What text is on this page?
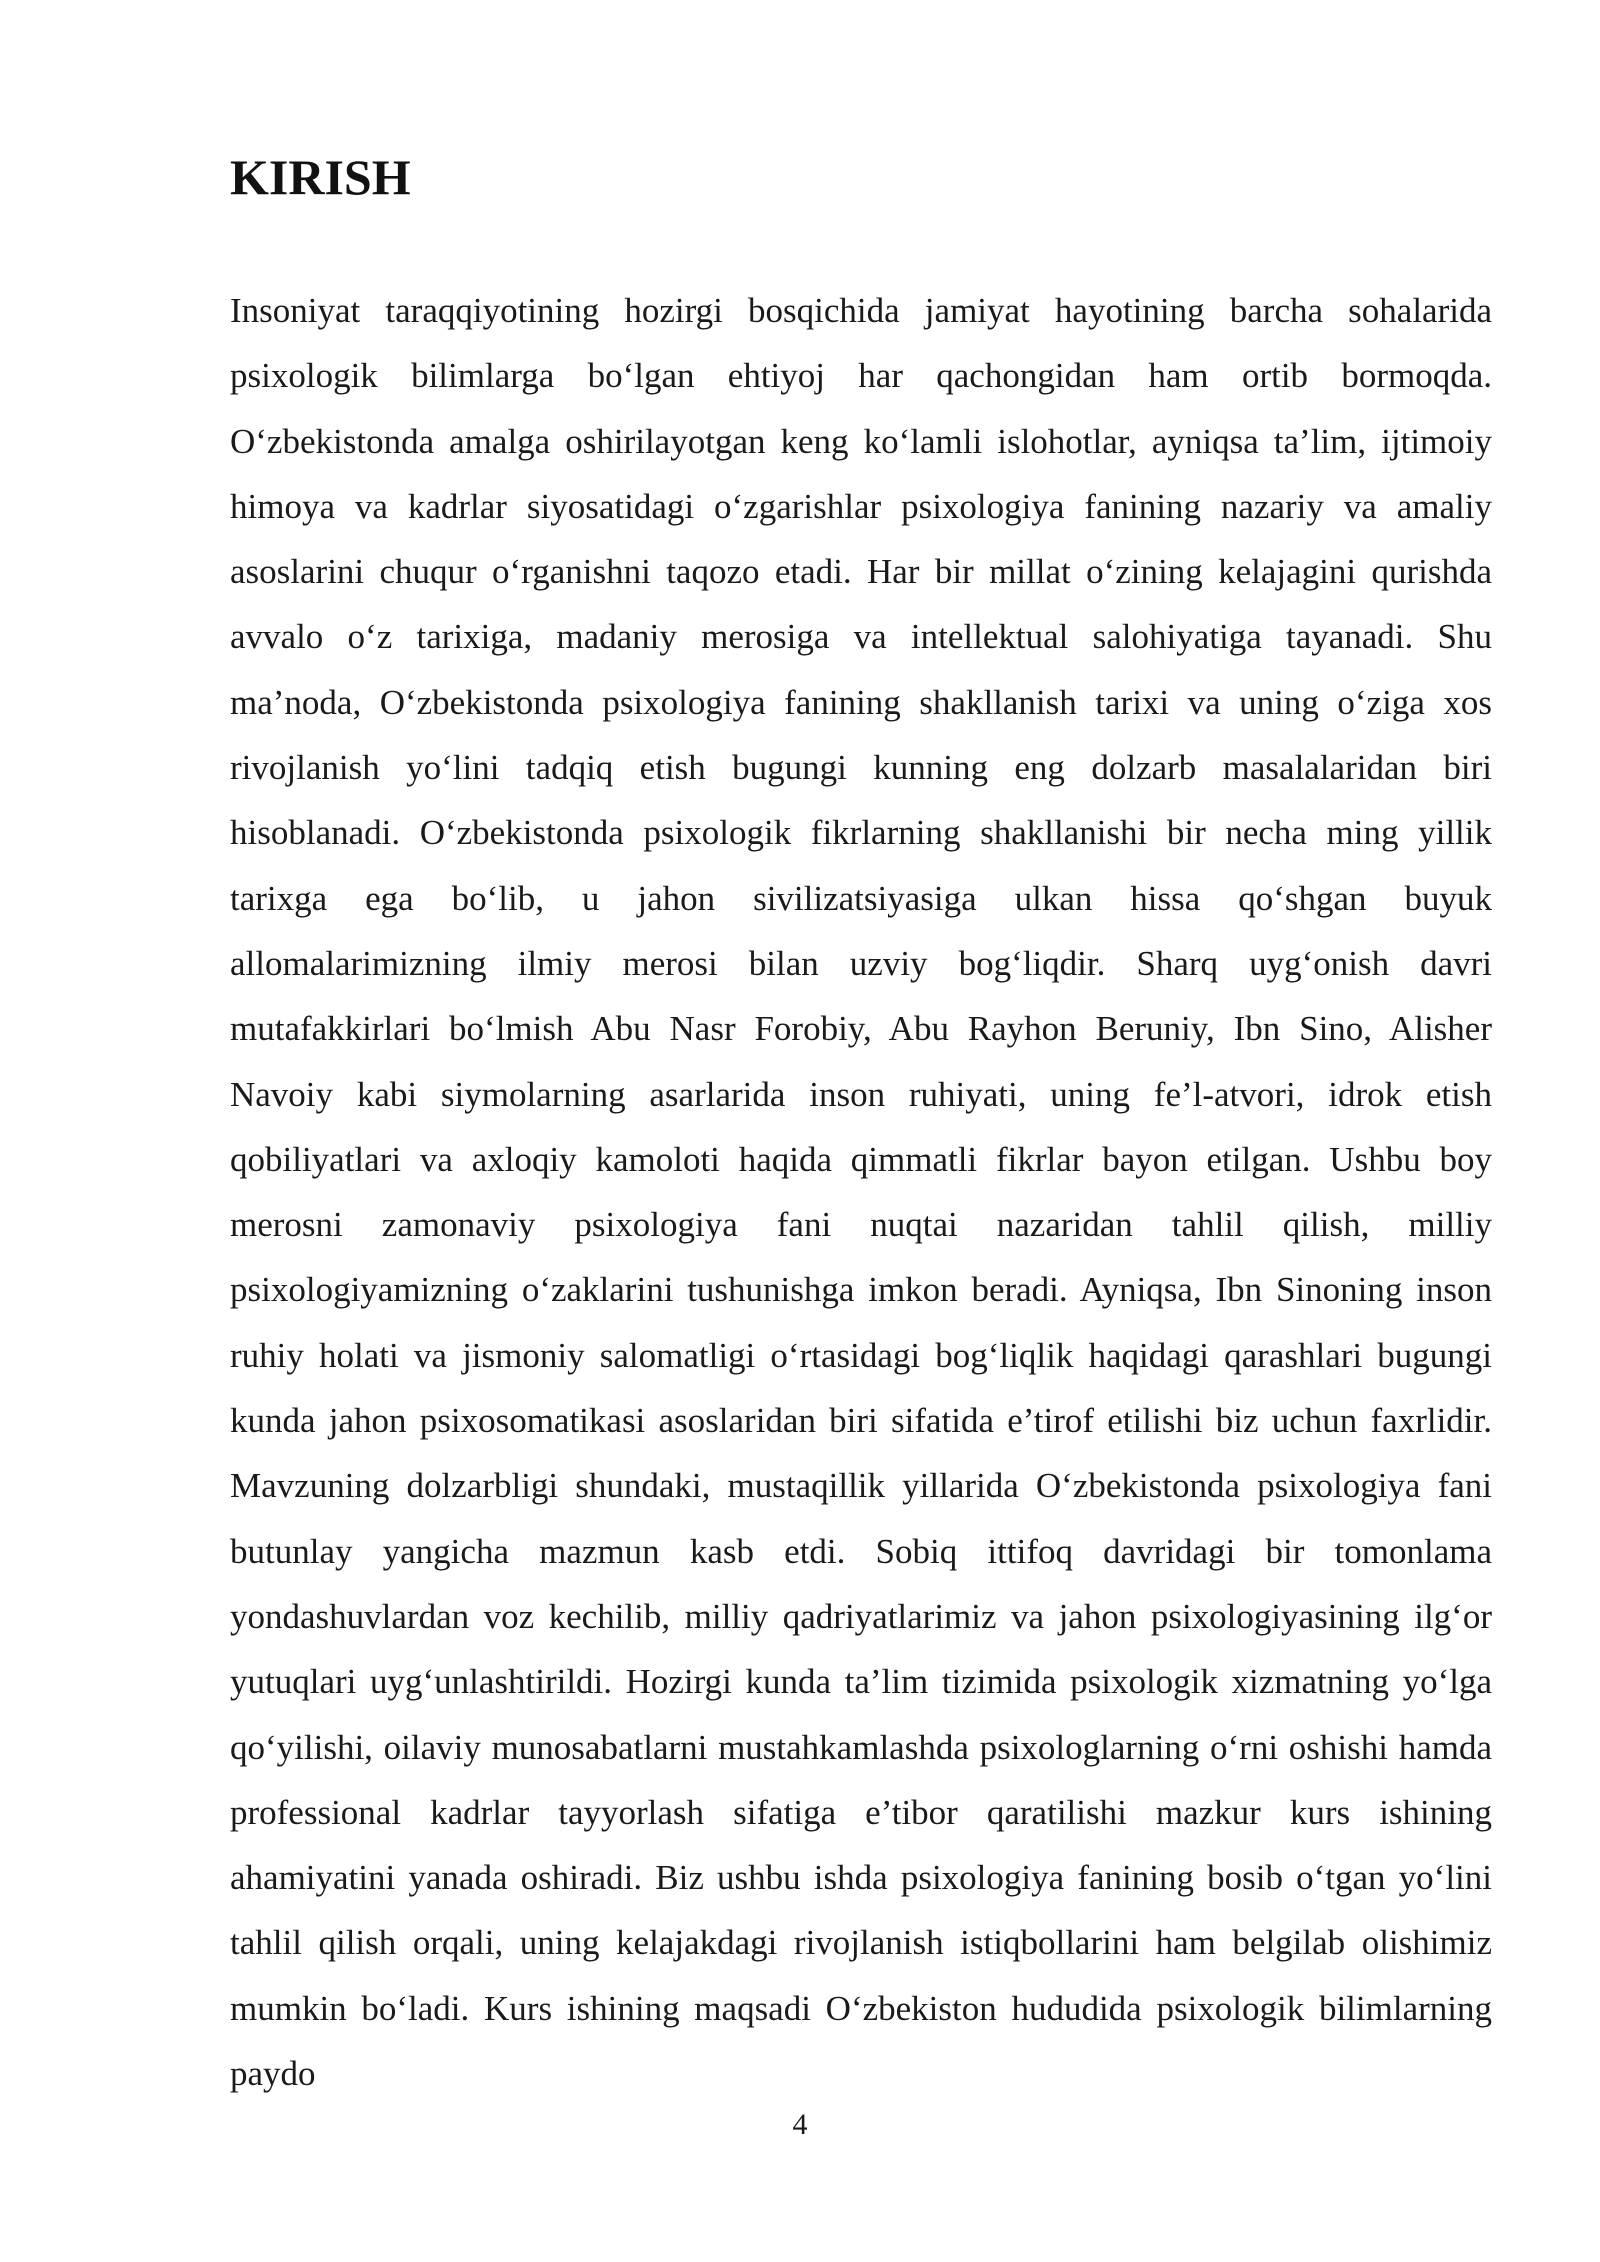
KIRISH

Insoniyat taraqqiyotining hozirgi bosqichida jamiyat hayotining barcha sohalarida psixologik bilimlarga bo‘lgan ehtiyoj har qachongidan ham ortib bormoqda. O‘zbekistonda amalga oshirilayotgan keng ko‘lamli islohotlar, ayniqsa ta’lim, ijtimoiy himoya va kadrlar siyosatidagi o‘zgarishlar psixologiya fanining nazariy va amaliy asoslarini chuqur o‘rganishni taqozo etadi. Har bir millat o‘zining kelajagini qurishda avvalo o‘z tarixiga, madaniy merosiga va intellektual salohiyatiga tayanadi. Shu ma’noda, O‘zbekistonda psixologiya fanining shakllanish tarixi va uning o‘ziga xos rivojlanish yo‘lini tadqiq etish bugungi kunning eng dolzarb masalalaridan biri hisoblanadi. O‘zbekistonda psixologik fikrlarning shakllanishi bir necha ming yillik tarixga ega bo‘lib, u jahon sivilizatsiyasiga ulkan hissa qo‘shgan buyuk allomalarimizning ilmiy merosi bilan uzviy bog‘liqdir. Sharq uyg‘onish davri mutafakkirlari bo‘lmish Abu Nasr Forobiy, Abu Rayhon Beruniy, Ibn Sino, Alisher Navoiy kabi siymolarning asarlarida inson ruhiyati, uning fe’l-atvori, idrok etish qobiliyatlari va axloqiy kamoloti haqida qimmatli fikrlar bayon etilgan. Ushbu boy merosni zamonaviy psixologiya fani nuqtai nazaridan tahlil qilish, milliy psixologiyamizning o‘zaklarini tushunishga imkon beradi. Ayniqsa, Ibn Sinoning inson ruhiy holati va jismoniy salomatligi o‘rtasidagi bog‘liqlik haqidagi qarashlari bugungi kunda jahon psixosomatikasi asoslaridan biri sifatida e’tirof etilishi biz uchun faxrlidir. Mavzuning dolzarbligi shundaki, mustaqillik yillarida O‘zbekistonda psixologiya fani butunlay yangicha mazmun kasb etdi. Sobiq ittifoq davridagi bir tomonlama yondashuvlardan voz kechilib, milliy qadriyatlarimiz va jahon psixologiyasining ilg‘or yutuqlari uyg‘unlashtirildi. Hozirgi kunda ta’lim tizimida psixologik xizmatning yo‘lga qo‘yilishi, oilaviy munosabatlarni mustahkamlashda psixologlarning o‘rni oshishi hamda professional kadrlar tayyorlash sifatiga e’tibor qaratilishi mazkur kurs ishining ahamiyatini yanada oshiradi. Biz ushbu ishda psixologiya fanining bosib o‘tgan yo‘lini tahlil qilish orqali, uning kelajakdagi rivojlanish istiqbollarini ham belgilab olishimiz mumkin bo‘ladi. Kurs ishining maqsadi O‘zbekiston hududida psixologik bilimlarning paydo

4
